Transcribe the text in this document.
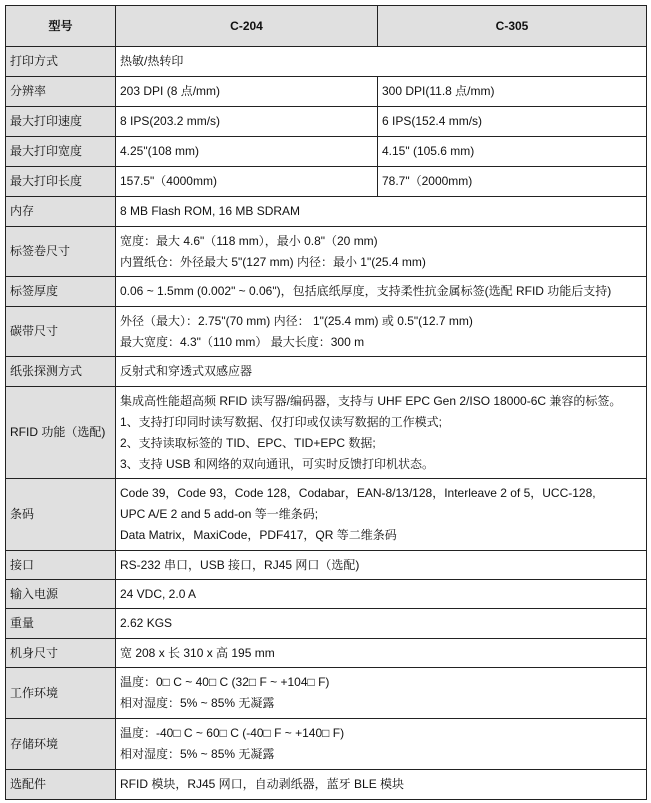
型号	C-204	C-305
打印方式	热敏/热转印	
分辨率	203 DPI (8 点/mm)	300 DPI(11.8 点/mm)
最大打印速度	8 IPS(203.2 mm/s)	6 IPS(152.4 mm/s)
最大打印宽度	4.25"(108 mm)	4.15" (105.6 mm)
最大打印长度	157.5"（4000mm)	78.7"（2000mm)
内存	8 MB Flash ROM, 16 MB SDRAM	
标签卷尺寸	宽度：最大 4.6"（118 mm），最小 0.8"（20 mm)
内置纸仓：外径最大 5"(127 mm) 内径：最小 1"(25.4 mm)	

标签厚度	0.06 ~ 1.5mm (0.002" ~ 0.06")，包括底纸厚度，支持柔性抗金属标签(选配 RFID 功能后支持)	
碳带尺寸	外径（最大）：2.75"(70 mm) 内径： 1"(25.4 mm) 或 0.5"(12.7 mm)
最大宽度：4.3"（110 mm） 最大长度：300 m	

纸张探测方式	反射式和穿透式双感应器	
RFID 功能（选配)	集成高性能超高频 RFID 读写器/编码器，支持与 UHF EPC Gen 2/ISO 18000-6C 兼容的标签。
1、支持打印同时读写数据、仅打印或仅读写数据的工作模式;
2、支持读取标签的 TID、EPC、TID+EPC 数据;
3、支持 USB 和网络的双向通讯，可实时反馈打印机状态。	

条码	Code 39，Code 93，Code 128，Codabar，EAN-8/13/128，Interleave 2 of 5，UCC-128,
UPC A/E 2 and 5 add-on 等一维条码;
Data Matrix，MaxiCode，PDF417，QR 等二维条码	

接口	RS-232 串口，USB 接口，RJ45 网口（选配)	
输入电源	24 VDC, 2.0 A	
重量	2.62 KGS	
机身尺寸	宽 208 x 长 310 x 高 195 mm	
工作环境	温度：0□ C ~ 40□ C (32□ F ~ +104□ F)
相对湿度：5% ~ 85% 无凝露	

存储环境	温度：-40□ C ~ 60□ C (-40□ F ~ +140□ F)
相对湿度：5% ~ 85% 无凝露	

选配件	RFID 模块，RJ45 网口，自动剥纸器，蓝牙 BLE 模块	
